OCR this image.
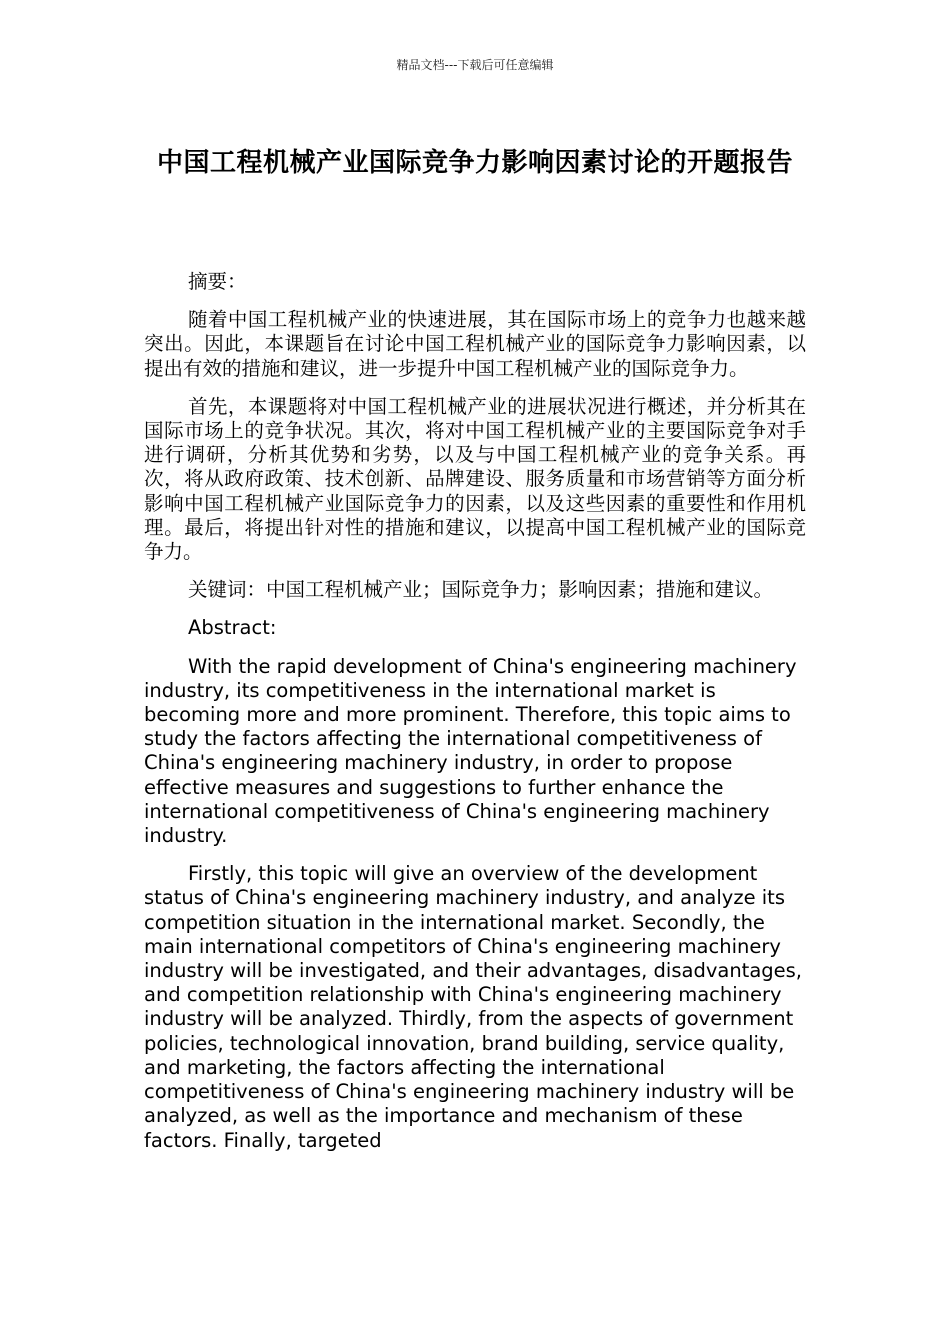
精品文档---下载后可任意编辑
中国工程机械产业国际竞争力影响因素讨论的开题报告

摘要：

随着中国工程机械产业的快速进展，其在国际市场上的竞争力也越来越突出。因此，本课题旨在讨论中国工程机械产业的国际竞争力影响因素，以提出有效的措施和建议，进一步提升中国工程机械产业的国际竞争力。

首先，本课题将对中国工程机械产业的进展状况进行概述，并分析其在国际市场上的竞争状况。其次，将对中国工程机械产业的主要国际竞争对手进行调研，分析其优势和劣势，以及与中国工程机械产业的竞争关系。再次，将从政府政策、技术创新、品牌建设、服务质量和市场营销等方面分析影响中国工程机械产业国际竞争力的因素，以及这些因素的重要性和作用机理。最后，将提出针对性的措施和建议，以提高中国工程机械产业的国际竞争力。

关键词：中国工程机械产业；国际竞争力；影响因素；措施和建议。

Abstract:

With the rapid development of China's engineering machinery industry, its competitiveness in the international market is becoming more and more prominent. Therefore, this topic aims to study the factors affecting the international competitiveness of China's engineering machinery industry, in order to propose effective measures and suggestions to further enhance the international competitiveness of China's engineering machinery industry.

Firstly, this topic will give an overview of the development status of China's engineering machinery industry, and analyze its competition situation in the international market. Secondly, the main international competitors of China's engineering machinery industry will be investigated, and their advantages, disadvantages, and competition relationship with China's engineering machinery industry will be analyzed. Thirdly, from the aspects of government policies, technological innovation, brand building, service quality, and marketing, the factors affecting the international competitiveness of China's engineering machinery industry will be analyzed, as well as the importance and mechanism of these factors. Finally, targeted
